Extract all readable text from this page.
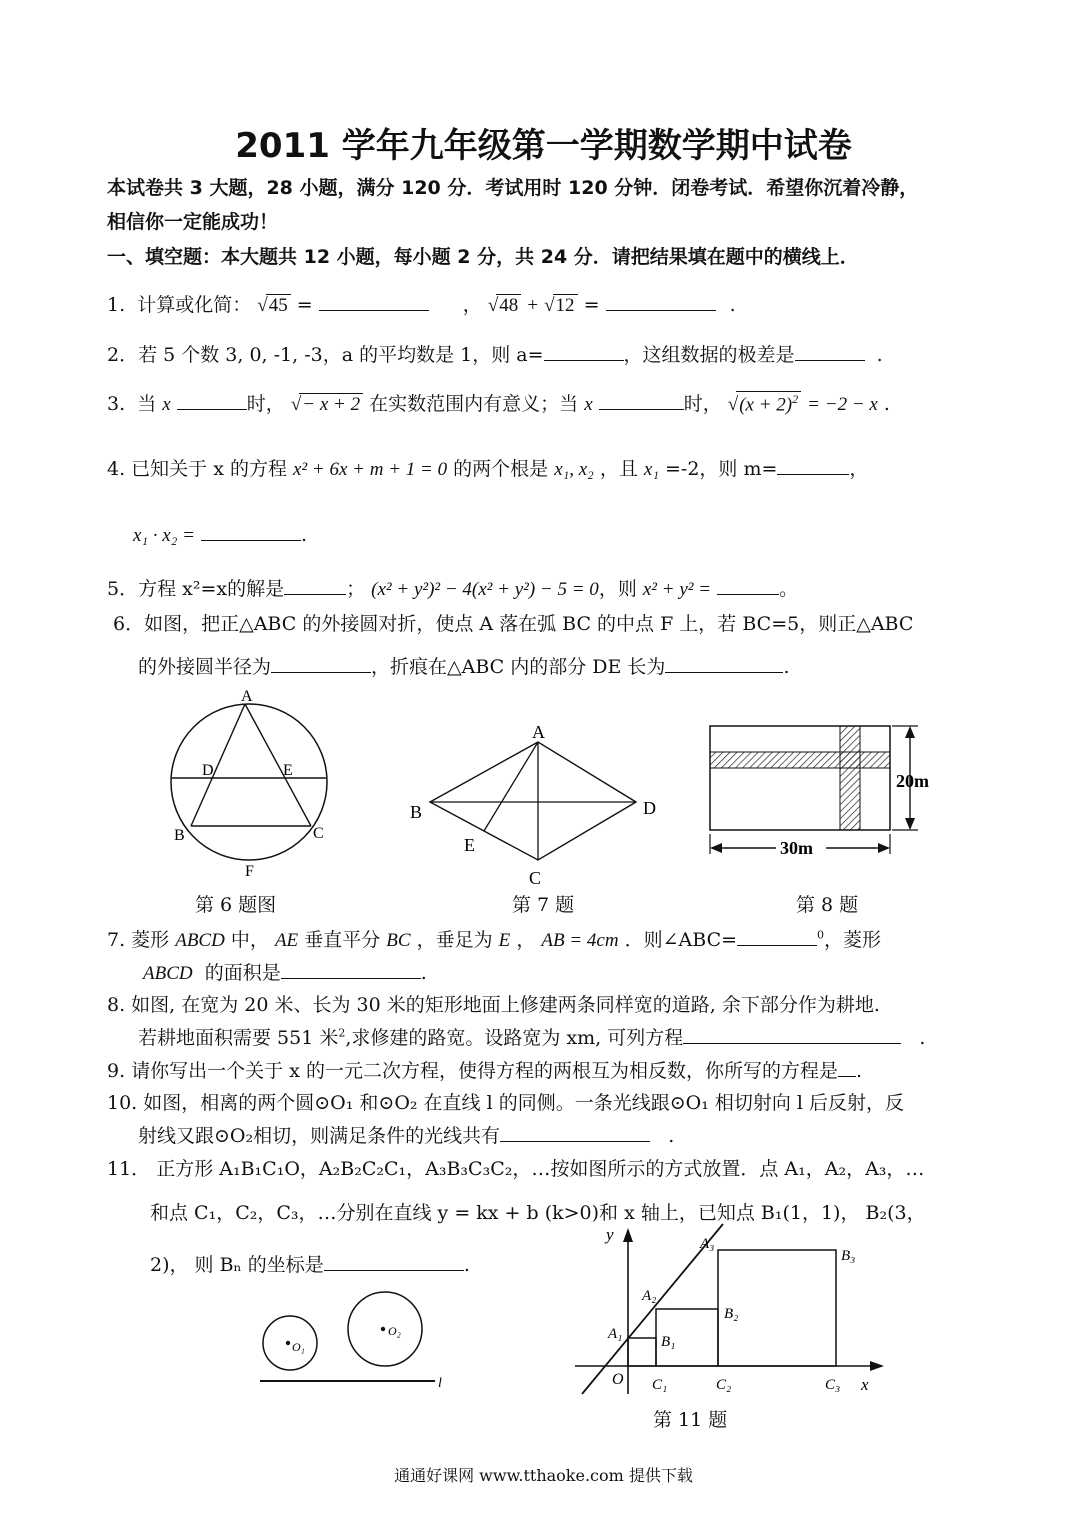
2011 学年九年级第一学期数学期中试卷
本试卷共 3 大题，28 小题，满分 120 分．考试用时 120 分钟．闭卷考试．希望你沉着冷静，
相信你一定能成功！
一、填空题：本大题共 12 小题，每小题 2 分，共 24 分．请把结果填在题中的横线上．
1. 计算或化简： √45 =	， √48 + √12 =	.
2．若 5 个数 3, 0, -1, -3，a 的平均数是 1，则 a=	，这组数据的极差是	.
3. 当 x	时， √− x + 2 在实数范围内有意义；当 x	时， $√(x + 2)^2 = -2 - x$ .
4. 已知关于 x 的方程 x² + 6x + m + 1 = 0 的两个根是 x₁, x₂ ，且 x₁ =-2，则 m=	，
x₁ · x₂ =	.
5．方程 x²=x的解是	； (x² + y²)² − 4(x² + y²) − 5 = 0，则 x² + y² =	。
6．如图，把正△ABC 的外接圆对折，使点 A 落在弧 BC 的中点 F 上，若 BC=5，则正△ABC
的外接圆半径为	，折痕在△ABC 内的部分 DE 长为	.
A
D	E
B	C
F
第 6 题图
A
B	D
E
C
第 7 题
30m
20m
第 8 题
7. 菱形 ABCD 中， AE 垂直平分 BC ，垂足为 E ， AB = 4cm ．则∠ABC=	$^0$，菱形
ABCD 的面积是	.
8. 如图, 在宽为 20 米、长为 30 米的矩形地面上修建两条同样宽的道路, 余下部分作为耕地.
若耕地面积需要 551 米$^2$,求修建的路宽。设路宽为 xm, 可列方程	.
9. 请你写出一个关于 x 的一元二次方程，使得方程的两根互为相反数，你所写的方程是 .
10. 如图，相离的两个圆⊙O₁ 和⊙O₂ 在直线 l 的同侧。一条光线跟⊙O₁ 相切射向 l 后反射，反
射线又跟⊙O₂相切，则满足条件的光线共有	.
11． 正方形 A₁B₁C₁O，A₂B₂C₂C₁，A₃B₃C₃C₂，…按如图所示的方式放置．点 A₁，A₂，A₃，…
和点 C₁，C₂，C₃，…分别在直线 y = kx + b (k>0)和 x 轴上，已知点 B₁(1，1)， B₂(3，
2)， 则 Bₙ 的坐标是	.
O₁
O₂
l
y
x
O
A₁
A₂
A₃
B₁
B₂
B₃
C₁	C₂	C₃
第 11 题
通通好课网 www.tthaoke.com 提供下载
